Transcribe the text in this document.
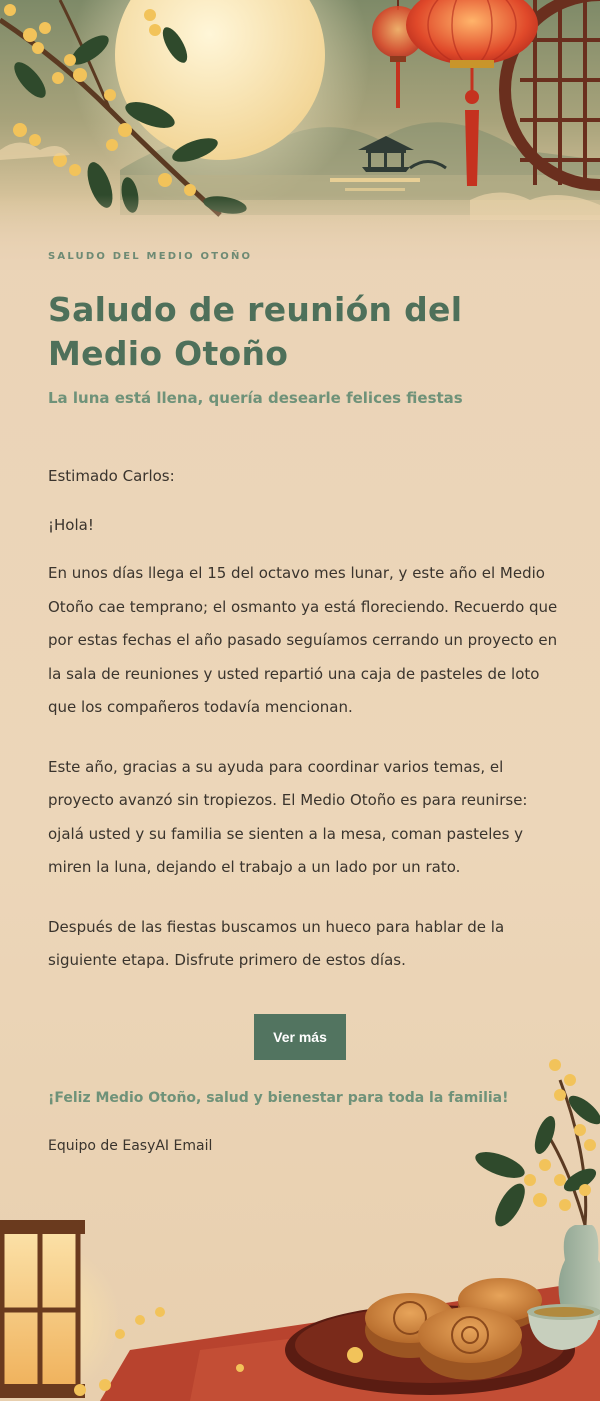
SALUDO DEL MEDIO OTOÑO

Saludo de reunión del Medio Otoño

La luna está llena, quería desearle felices fiestas

Estimado Carlos:

¡Hola!

En unos días llega el 15 del octavo mes lunar, y este año el Medio Otoño cae temprano; el osmanto ya está floreciendo. Recuerdo que por estas fechas el año pasado seguíamos cerrando un proyecto en la sala de reuniones y usted repartió una caja de pasteles de loto que los compañeros todavía mencionan.

Este año, gracias a su ayuda para coordinar varios temas, el proyecto avanzó sin tropiezos. El Medio Otoño es para reunirse: ojalá usted y su familia se sienten a la mesa, coman pasteles y miren la luna, dejando el trabajo a un lado por un rato.

Después de las fiestas buscamos un hueco para hablar de la siguiente etapa. Disfrute primero de estos días.

Ver más

¡Feliz Medio Otoño, salud y bienestar para toda la familia!

Equipo de EasyAI Email
